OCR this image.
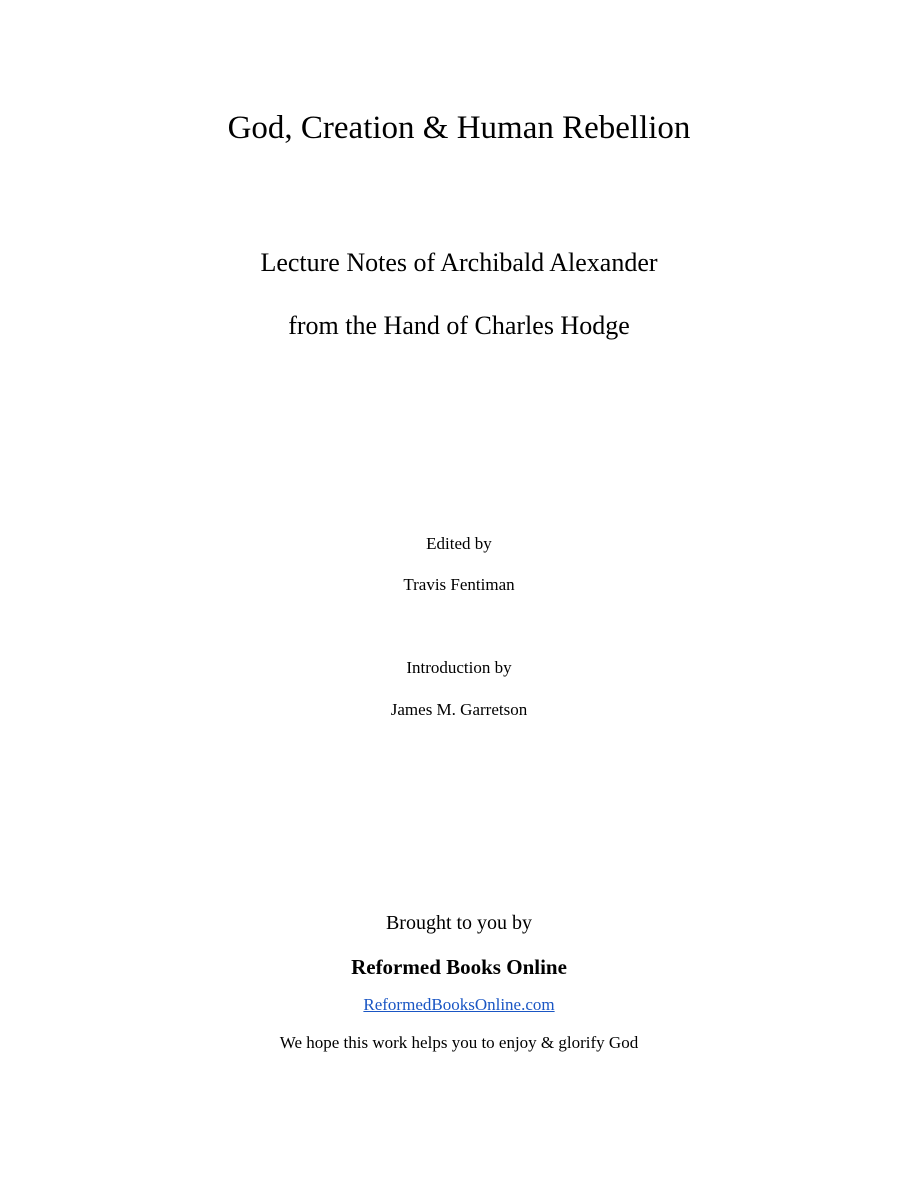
God, Creation & Human Rebellion
Lecture Notes of Archibald Alexander
from the Hand of Charles Hodge
Edited by
Travis Fentiman
Introduction by
James M. Garretson
Brought to you by
Reformed Books Online
ReformedBooksOnline.com
We hope this work helps you to enjoy & glorify God
